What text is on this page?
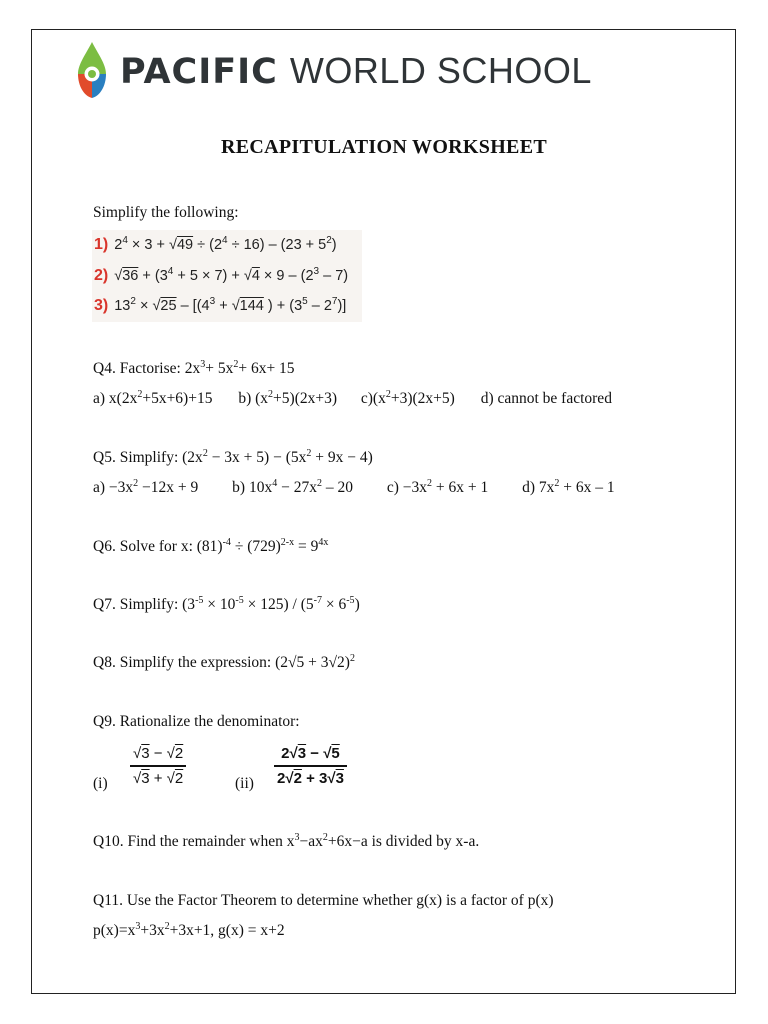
PACIFIC WORLD SCHOOL
RECAPITULATION WORKSHEET
Simplify the following:
1) $2^4 \times 3 + √49 \div (2^4 \div 16) - (23 + 5^2)$
2) $√36 + (3^4 + 5 \times 7) + √4 \times 9 - (2^3 - 7)$
3) $13^2 \times √25 - [(4^3 + √144$ ) + $(3^5 - 2^7)$]
Q4. Factorise: $2x^3+ 5x^2+ 6x+ 15$
a) $x(2x^2+5x+6)+15$ b) $(x^2+5)(2x+3)$ $c)(x^2+3)(2x+5)$ d) cannot be factored
Q5. Simplify: $(2x^2 - 3x + 5) - (5x^2 + 9x - 4)$
$a) -3x^2 -12x + 9$ b) $10x^4 - 27x^2 - 20$ $c) -3x^2 + 6x + 1$ d) $7x^2 + 6x - 1$
Q6. Solve for x: $(81)^{-4} \div (729)^{2-x} = 9^{4x}$
Q7. Simplify: $(3^{-5} \times 10^{-5} \times 125) / (5^{-7} \times 6^{-5})$
Q8. Simplify the expression: $(2√5 + 3√2)^2$
Q9. Rationalize the denominator:
(i)
√3 − √2
√3 + √2	(ii)
2√3 − √5
2√2 + 3√3
Q10. Find the remainder when $x^3-ax^2+6x-a$ is divided by x-a.
Q11. Use the Factor Theorem to determine whether g(x) is a factor of p(x)
$p(x)=x^3+3x^2+3x+1$, g(x) = x+2
